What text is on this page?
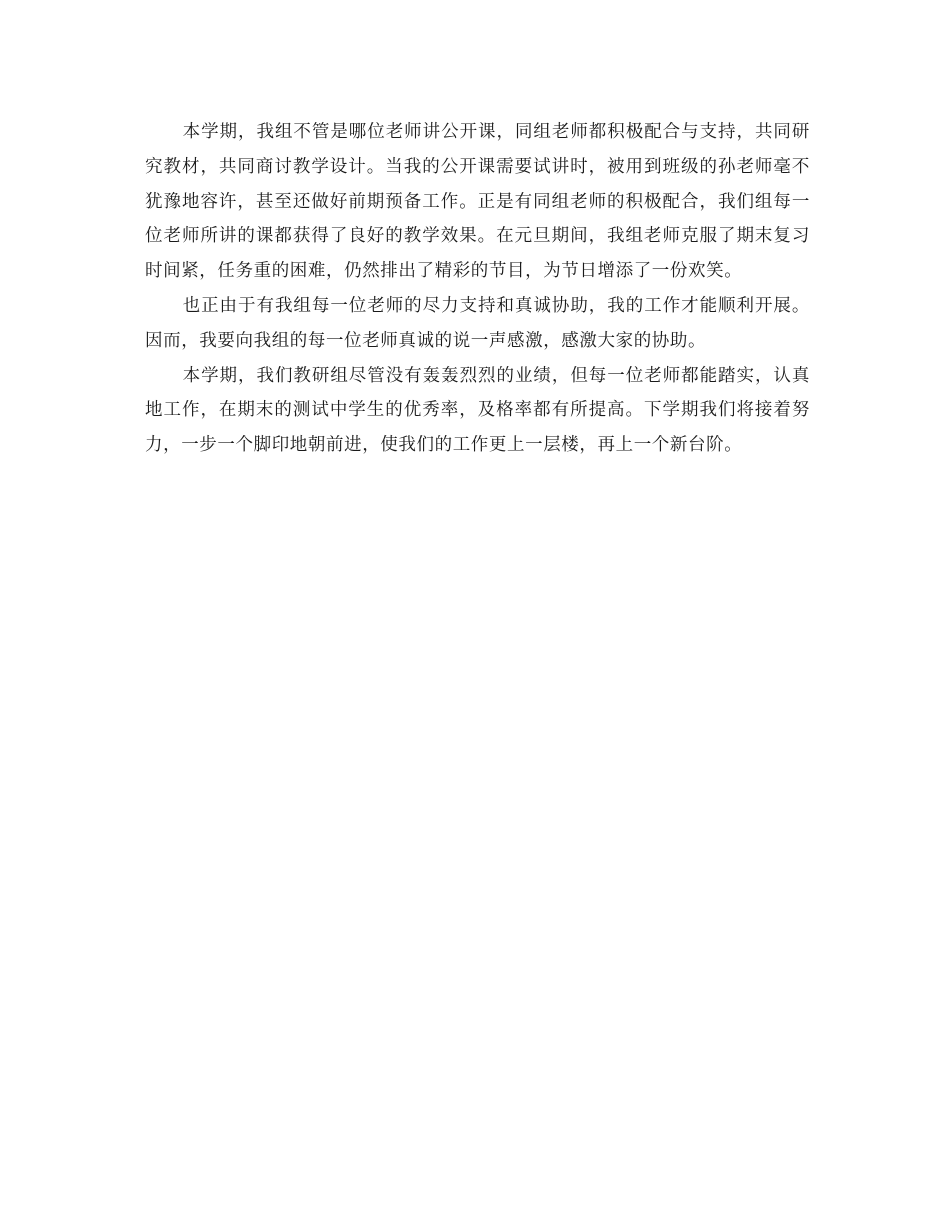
本学期，我组不管是哪位老师讲公开课，同组老师都积极配合与支持，共同研究教材，共同商讨教学设计。当我的公开课需要试讲时，被用到班级的孙老师毫不犹豫地容许，甚至还做好前期预备工作。正是有同组老师的积极配合，我们组每一位老师所讲的课都获得了良好的教学效果。在元旦期间，我组老师克服了期末复习时间紧，任务重的困难，仍然排出了精彩的节目，为节日增添了一份欢笑。

也正由于有我组每一位老师的尽力支持和真诚协助，我的工作才能顺利开展。因而，我要向我组的每一位老师真诚的说一声感激，感激大家的协助。

本学期，我们教研组尽管没有轰轰烈烈的业绩，但每一位老师都能踏实，认真地工作，在期末的测试中学生的优秀率，及格率都有所提高。下学期我们将接着努力，一步一个脚印地朝前进，使我们的工作更上一层楼，再上一个新台阶。
